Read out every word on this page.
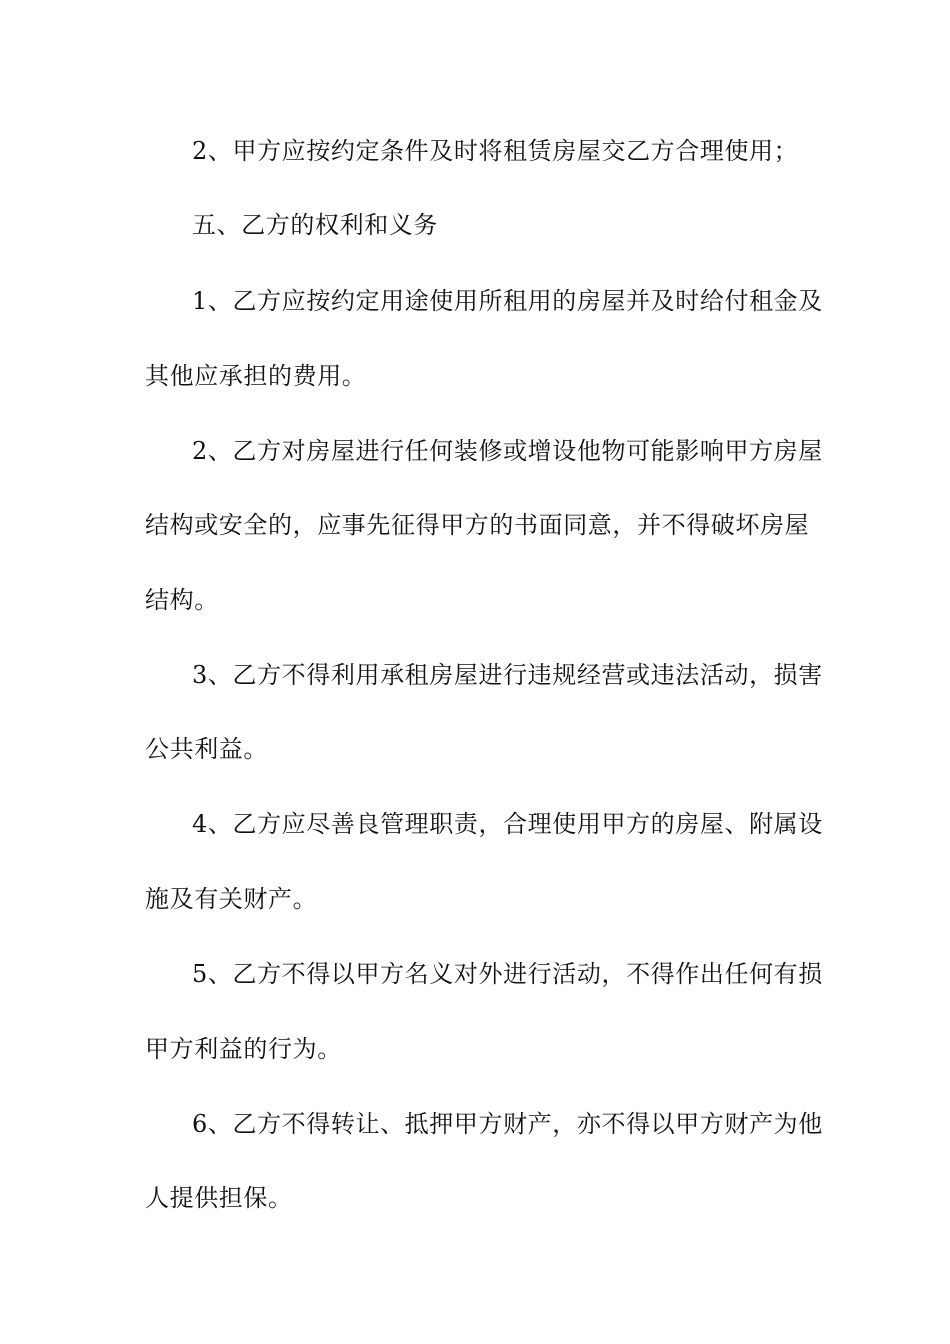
2、甲方应按约定条件及时将租赁房屋交乙方合理使用；
五、乙方的权利和义务
1、乙方应按约定用途使用所租用的房屋并及时给付租金及
其他应承担的费用。
2、乙方对房屋进行任何装修或增设他物可能影响甲方房屋
结构或安全的，应事先征得甲方的书面同意，并不得破坏房屋
结构。
3、乙方不得利用承租房屋进行违规经营或违法活动，损害
公共利益。
4、乙方应尽善良管理职责，合理使用甲方的房屋、附属设
施及有关财产。
5、乙方不得以甲方名义对外进行活动，不得作出任何有损
甲方利益的行为。
6、乙方不得转让、抵押甲方财产，亦不得以甲方财产为他
人提供担保。
